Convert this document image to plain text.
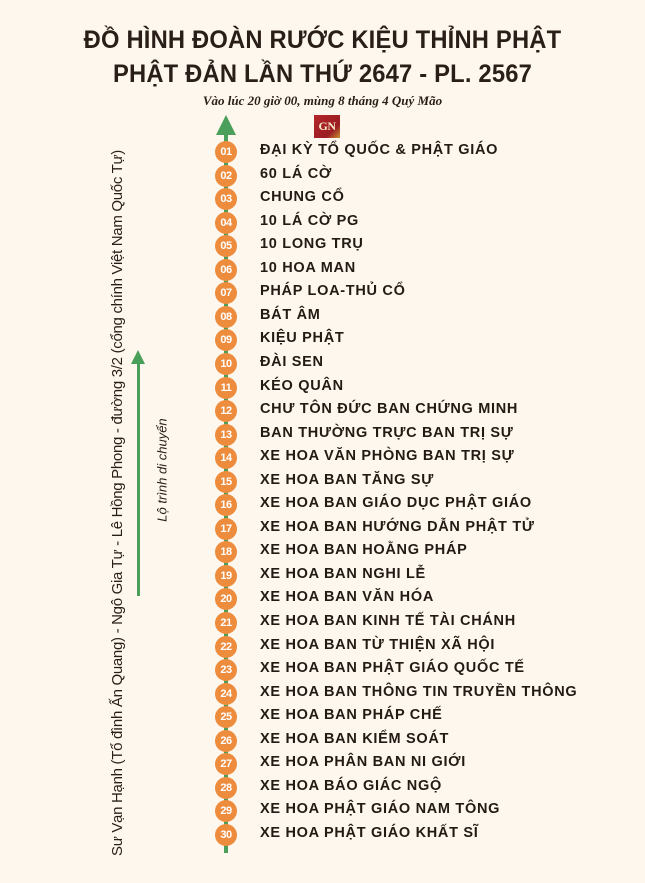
ĐỒ HÌNH ĐOÀN RƯỚC KIỆU THỈNH PHẬT
PHẬT ĐẢN LẦN THỨ 2647 - PL. 2567
Vào lúc 20 giờ 00, mùng 8 tháng 4 Quý Mão
GN
Sư Vạn Hạnh (Tổ đình Ấn Quang) - Ngô Gia Tự - Lê Hồng Phong - đường 3/2 (cổng chính Việt Nam Quốc Tự) Lộ trình di chuyển
01	ĐẠI KỲ TỔ QUỐC & PHẬT GIÁO
02	60 LÁ CỜ
03	CHUNG CỔ
04	10 LÁ CỜ PG
05	10 LONG TRỤ
06	10 HOA MAN
07	PHÁP LOA-THỦ CỔ
08	BÁT ÂM
09	KIỆU PHẬT
10	ĐÀI SEN
11	KÉO QUÂN
12	CHƯ TÔN ĐỨC BAN CHỨNG MINH
13	BAN THƯỜNG TRỰC BAN TRỊ SỰ
14	XE HOA VĂN PHÒNG BAN TRỊ SỰ
15	XE HOA BAN TĂNG SỰ
16	XE HOA BAN GIÁO DỤC PHẬT GIÁO
17	XE HOA BAN HƯỚNG DẪN PHẬT TỬ
18	XE HOA BAN HOẰNG PHÁP
19	XE HOA BAN NGHI LỄ
20	XE HOA BAN VĂN HÓA
21	XE HOA BAN KINH TẾ TÀI CHÁNH
22	XE HOA BAN TỪ THIỆN XÃ HỘI
23	XE HOA BAN PHẬT GIÁO QUỐC TẾ
24	XE HOA BAN THÔNG TIN TRUYỀN THÔNG
25	XE HOA BAN PHÁP CHẾ
26	XE HOA BAN KIỂM SOÁT
27	XE HOA PHÂN BAN NI GIỚI
28	XE HOA BÁO GIÁC NGỘ
29	XE HOA PHẬT GIÁO NAM TÔNG
30	XE HOA PHẬT GIÁO KHẤT SĨ
